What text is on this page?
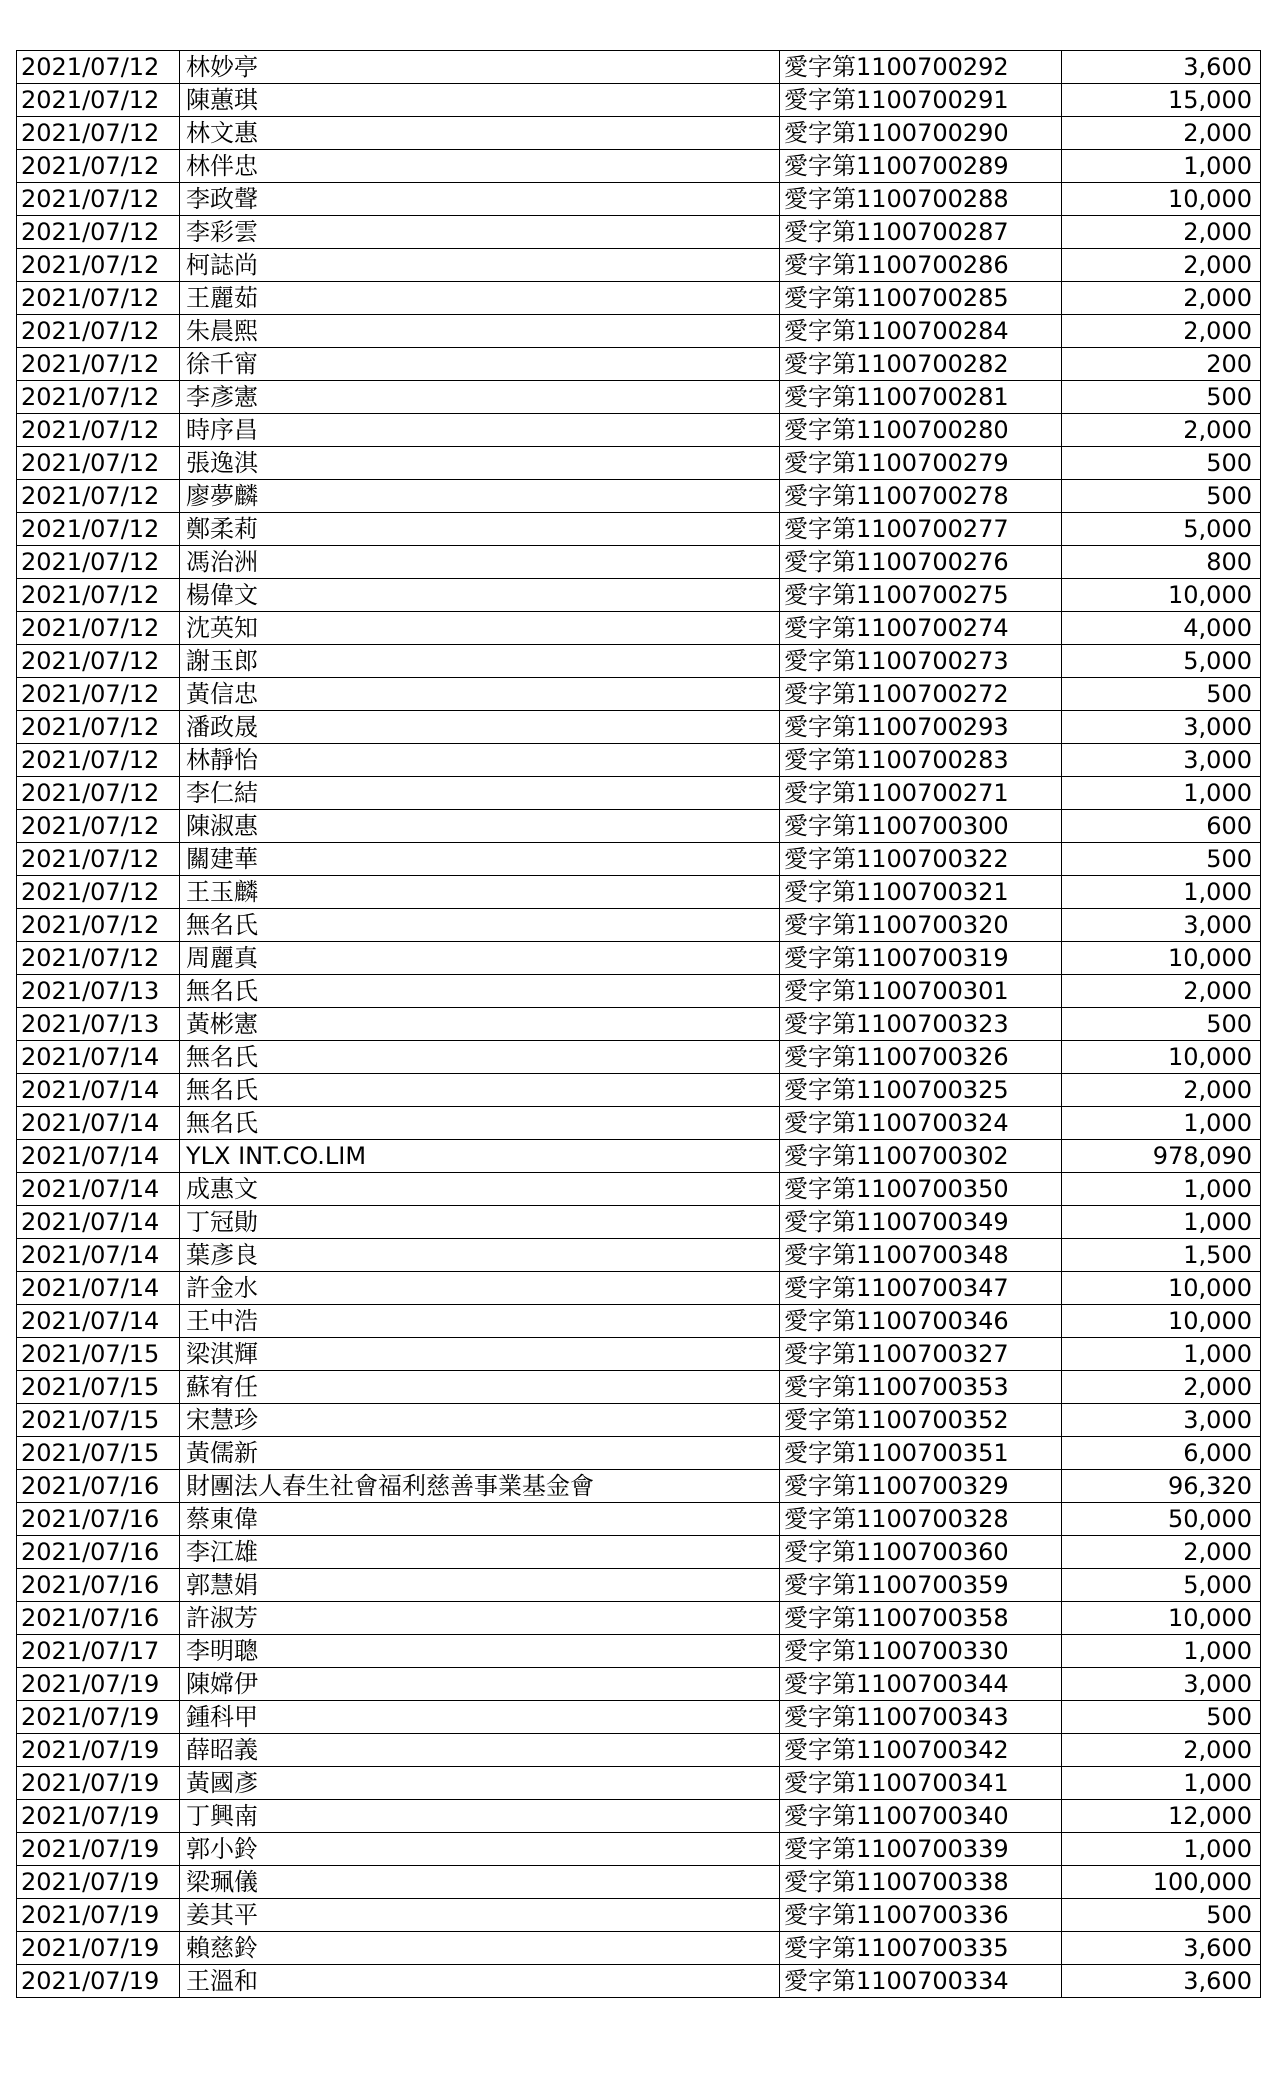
2021/07/12	林妙亭	愛字第1100700292	3,600
2021/07/12	陳蕙琪	愛字第1100700291	15,000
2021/07/12	林文惠	愛字第1100700290	2,000
2021/07/12	林伴忠	愛字第1100700289	1,000
2021/07/12	李政聲	愛字第1100700288	10,000
2021/07/12	李彩雲	愛字第1100700287	2,000
2021/07/12	柯誌尚	愛字第1100700286	2,000
2021/07/12	王麗茹	愛字第1100700285	2,000
2021/07/12	朱晨熙	愛字第1100700284	2,000
2021/07/12	徐千甯	愛字第1100700282	200
2021/07/12	李彥憲	愛字第1100700281	500
2021/07/12	時序昌	愛字第1100700280	2,000
2021/07/12	張逸淇	愛字第1100700279	500
2021/07/12	廖夢麟	愛字第1100700278	500
2021/07/12	鄭柔莉	愛字第1100700277	5,000
2021/07/12	馮治洲	愛字第1100700276	800
2021/07/12	楊偉文	愛字第1100700275	10,000
2021/07/12	沈英知	愛字第1100700274	4,000
2021/07/12	謝玉郎	愛字第1100700273	5,000
2021/07/12	黃信忠	愛字第1100700272	500
2021/07/12	潘政晟	愛字第1100700293	3,000
2021/07/12	林靜怡	愛字第1100700283	3,000
2021/07/12	李仁結	愛字第1100700271	1,000
2021/07/12	陳淑惠	愛字第1100700300	600
2021/07/12	關建華	愛字第1100700322	500
2021/07/12	王玉麟	愛字第1100700321	1,000
2021/07/12	無名氏	愛字第1100700320	3,000
2021/07/12	周麗真	愛字第1100700319	10,000
2021/07/13	無名氏	愛字第1100700301	2,000
2021/07/13	黃彬憲	愛字第1100700323	500
2021/07/14	無名氏	愛字第1100700326	10,000
2021/07/14	無名氏	愛字第1100700325	2,000
2021/07/14	無名氏	愛字第1100700324	1,000
2021/07/14	YLX INT.CO.LIM	愛字第1100700302	978,090
2021/07/14	成惠文	愛字第1100700350	1,000
2021/07/14	丁冠勛	愛字第1100700349	1,000
2021/07/14	葉彥良	愛字第1100700348	1,500
2021/07/14	許金水	愛字第1100700347	10,000
2021/07/14	王中浩	愛字第1100700346	10,000
2021/07/15	梁淇輝	愛字第1100700327	1,000
2021/07/15	蘇宥任	愛字第1100700353	2,000
2021/07/15	宋慧珍	愛字第1100700352	3,000
2021/07/15	黃儒新	愛字第1100700351	6,000
2021/07/16	財團法人春生社會福利慈善事業基金會	愛字第1100700329	96,320
2021/07/16	蔡東偉	愛字第1100700328	50,000
2021/07/16	李江雄	愛字第1100700360	2,000
2021/07/16	郭慧娟	愛字第1100700359	5,000
2021/07/16	許淑芳	愛字第1100700358	10,000
2021/07/17	李明聰	愛字第1100700330	1,000
2021/07/19	陳嫦伊	愛字第1100700344	3,000
2021/07/19	鍾科甲	愛字第1100700343	500
2021/07/19	薛昭義	愛字第1100700342	2,000
2021/07/19	黃國彥	愛字第1100700341	1,000
2021/07/19	丁興南	愛字第1100700340	12,000
2021/07/19	郭小鈴	愛字第1100700339	1,000
2021/07/19	梁珮儀	愛字第1100700338	100,000
2021/07/19	姜其平	愛字第1100700336	500
2021/07/19	賴慈鈴	愛字第1100700335	3,600
2021/07/19	王溫和	愛字第1100700334	3,600
